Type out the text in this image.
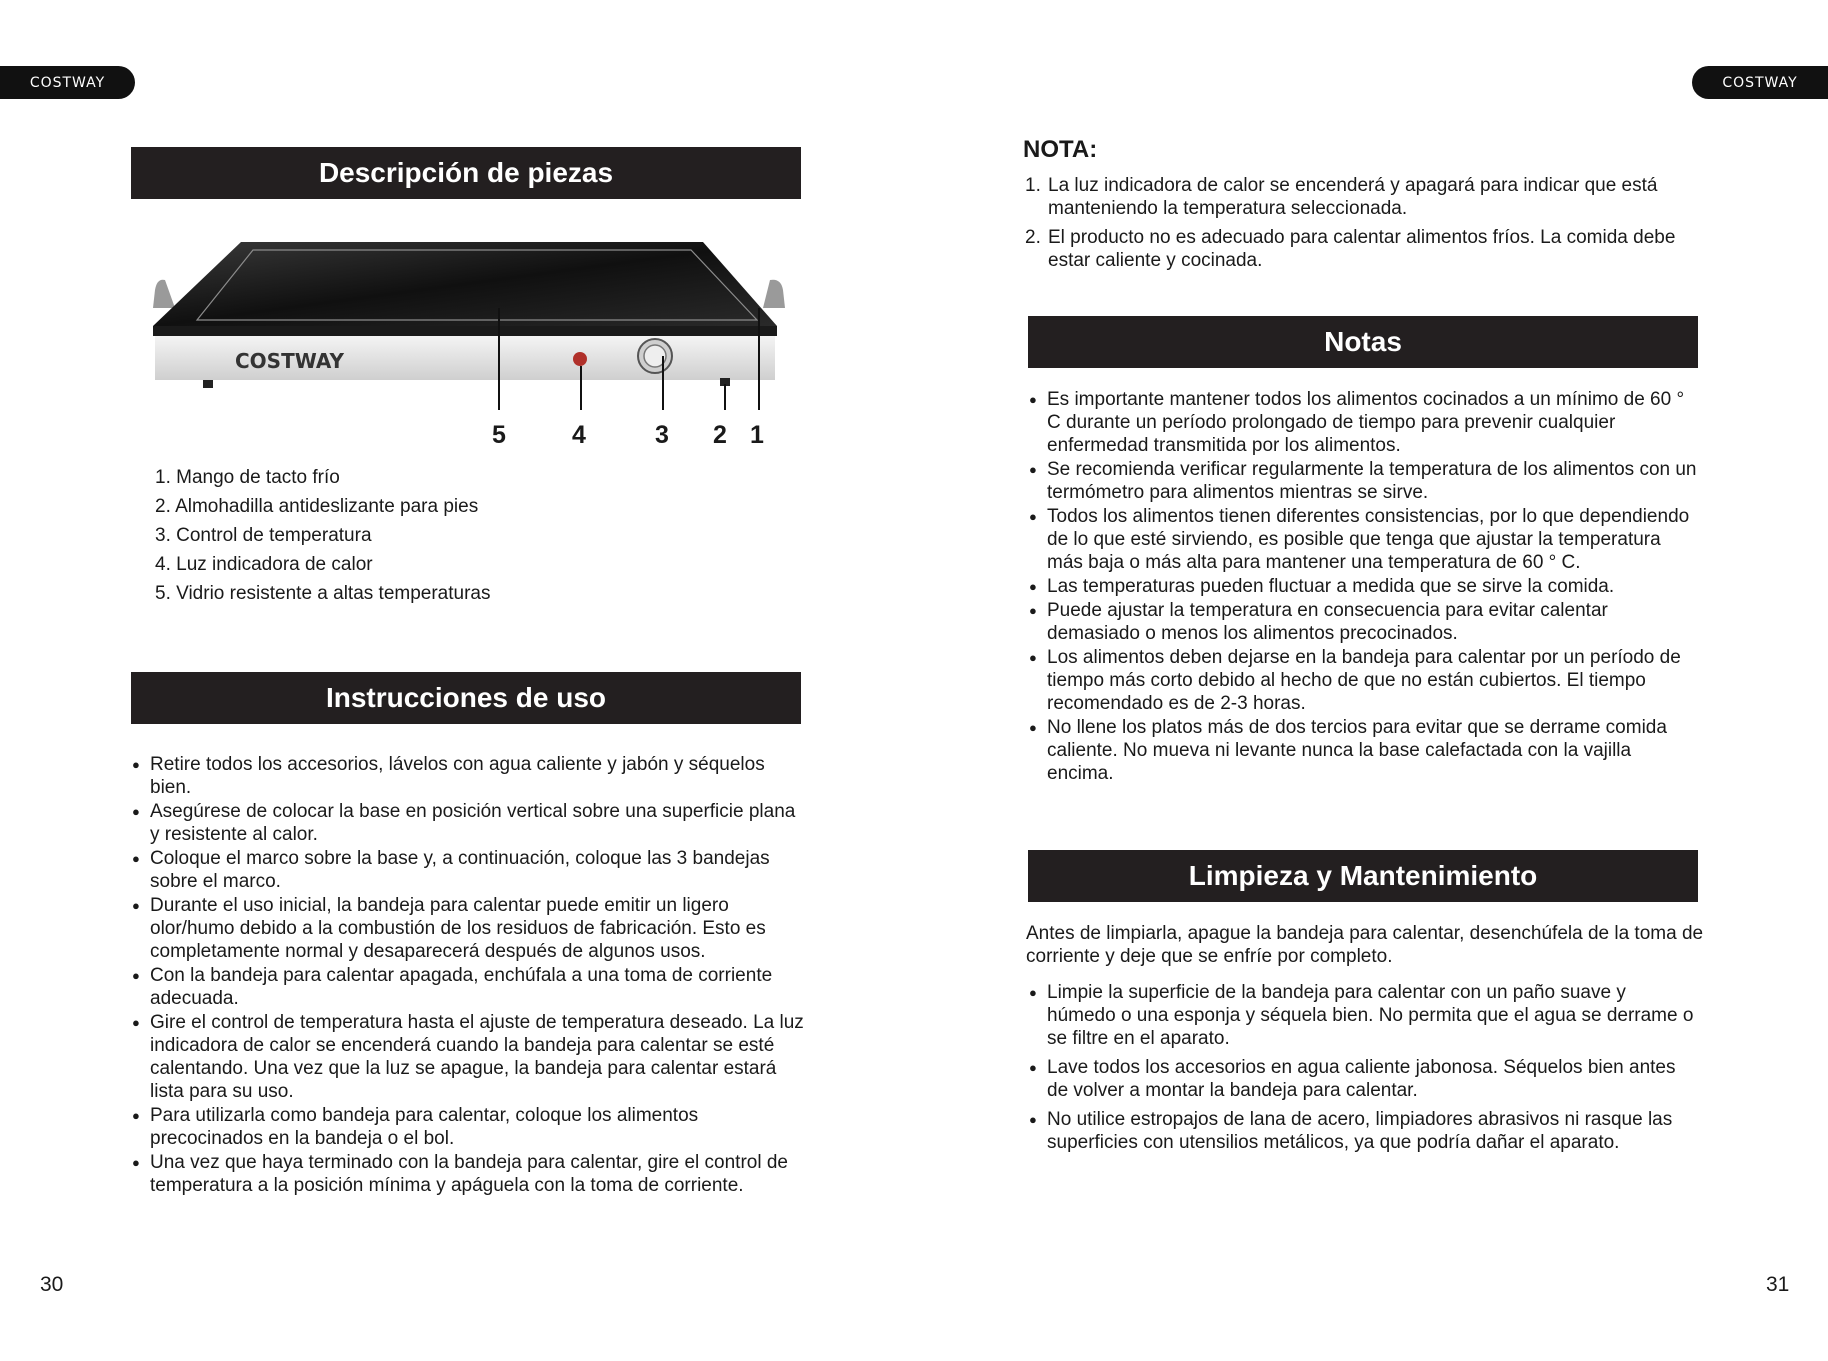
COSTWAY	COSTWAY
Descripción de piezas
COSTWAY
5	4	3 2 1
1. Mango de tacto frío
2. Almohadilla antideslizante para pies
3. Control de temperatura
4. Luz indicadora de calor
5. Vidrio resistente a altas temperaturas
Instrucciones de uso
● Retire todos los accesorios, lávelos con agua caliente y jabón y séquelos bien.
● Asegúrese de colocar la base en posición vertical sobre una superficie plana y resistente al calor.
● Coloque el marco sobre la base y, a continuación, coloque las 3 bandejas sobre el marco.
● Durante el uso inicial, la bandeja para calentar puede emitir un ligero olor/humo debido a la combustión de los residuos de fabricación. Esto es completamente normal y desaparecerá después de algunos usos.
● Con la bandeja para calentar apagada, enchúfala a una toma de corriente adecuada.
● Gire el control de temperatura hasta el ajuste de temperatura deseado. La luz indicadora de calor se encenderá cuando la bandeja para calentar se esté calentando. Una vez que la luz se apague, la bandeja para calentar estará lista para su uso.
● Para utilizarla como bandeja para calentar, coloque los alimentos precocinados en la bandeja o el bol.
● Una vez que haya terminado con la bandeja para calentar, gire el control de temperatura a la posición mínima y apáguela con la toma de corriente.
30
NOTA:
1. La luz indicadora de calor se encenderá y apagará para indicar que está manteniendo la temperatura seleccionada.
2. El producto no es adecuado para calentar alimentos fríos. La comida debe estar caliente y cocinada.
Notas
● Es importante mantener todos los alimentos cocinados a un mínimo de 60 ° C durante un período prolongado de tiempo para prevenir cualquier enfermedad transmitida por los alimentos.
● Se recomienda verificar regularmente la temperatura de los alimentos con un termómetro para alimentos mientras se sirve.
● Todos los alimentos tienen diferentes consistencias, por lo que dependiendo de lo que esté sirviendo, es posible que tenga que ajustar la temperatura más baja o más alta para mantener una temperatura de 60 ° C.
● Las temperaturas pueden fluctuar a medida que se sirve la comida.
● Puede ajustar la temperatura en consecuencia para evitar calentar demasiado o menos los alimentos precocinados.
● Los alimentos deben dejarse en la bandeja para calentar por un período de tiempo más corto debido al hecho de que no están cubiertos. El tiempo recomendado es de 2-3 horas.
● No llene los platos más de dos tercios para evitar que se derrame comida caliente. No mueva ni levante nunca la base calefactada con la vajilla encima.
Limpieza y Mantenimiento

Antes de limpiarla, apague la bandeja para calentar, desenchúfela de la toma de corriente y deje que se enfríe por completo.

● Limpie la superficie de la bandeja para calentar con un paño suave y húmedo o una esponja y séquela bien. No permita que el agua se derrame o se filtre en el aparato.
● Lave todos los accesorios en agua caliente jabonosa. Séquelos bien antes de volver a montar la bandeja para calentar.
● No utilice estropajos de lana de acero, limpiadores abrasivos ni rasque las superficies con utensilios metálicos, ya que podría dañar el aparato.
31
